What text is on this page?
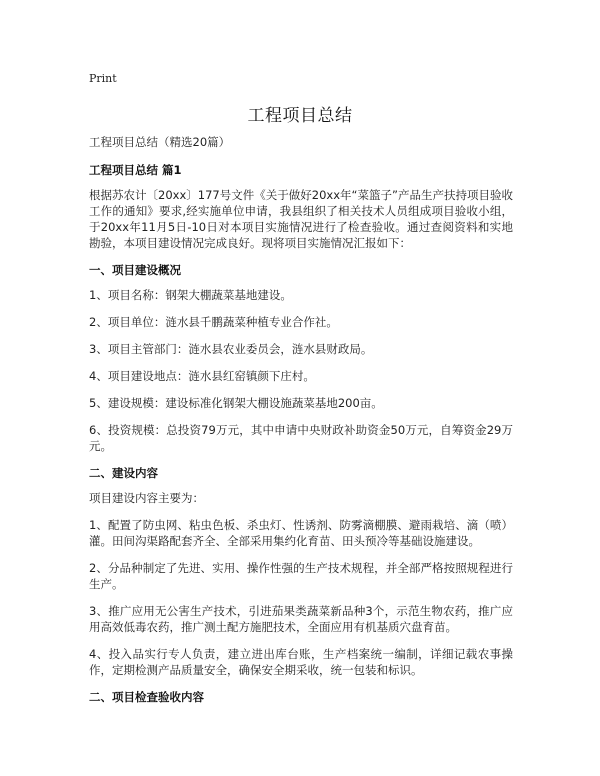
Print
工程项目总结

工程项目总结（精选20篇）

工程项目总结 篇1

根据苏农计〔20xx〕177号文件《关于做好20xx年“菜篮子”产品生产扶持项目验收工作的通知》要求,经实施单位申请，我县组织了相关技术人员组成项目验收小组，于20xx年11月5日-10日对本项目实施情况进行了检查验收。通过查阅资料和实地勘验，本项目建设情况完成良好。现将项目实施情况汇报如下：

一、项目建设概况

1、项目名称：钢架大棚蔬菜基地建设。

2、项目单位：涟水县千鹏蔬菜种植专业合作社。

3、项目主管部门：涟水县农业委员会，涟水县财政局。

4、项目建设地点：涟水县红窑镇颜下庄村。

5、建设规模：建设标准化钢架大棚设施蔬菜基地200亩。

6、投资规模：总投资79万元，其中申请中央财政补助资金50万元，自筹资金29万元。

二、建设内容

项目建设内容主要为：

1、配置了防虫网、粘虫色板、杀虫灯、性诱剂、防雾滴棚膜、避雨栽培、滴（喷）灌。田间沟渠路配套齐全、全部采用集约化育苗、田头预冷等基础设施建设。

2、分品种制定了先进、实用、操作性强的生产技术规程，并全部严格按照规程进行生产。

3、推广应用无公害生产技术，引进茄果类蔬菜新品种3个，示范生物农药，推广应用高效低毒农药，推广测土配方施肥技术，全面应用有机基质穴盘育苗。

4、投入品实行专人负责，建立进出库台账，生产档案统一编制，详细记载农事操作，定期检测产品质量安全，确保安全期采收，统一包装和标识。

二、项目检查验收内容
